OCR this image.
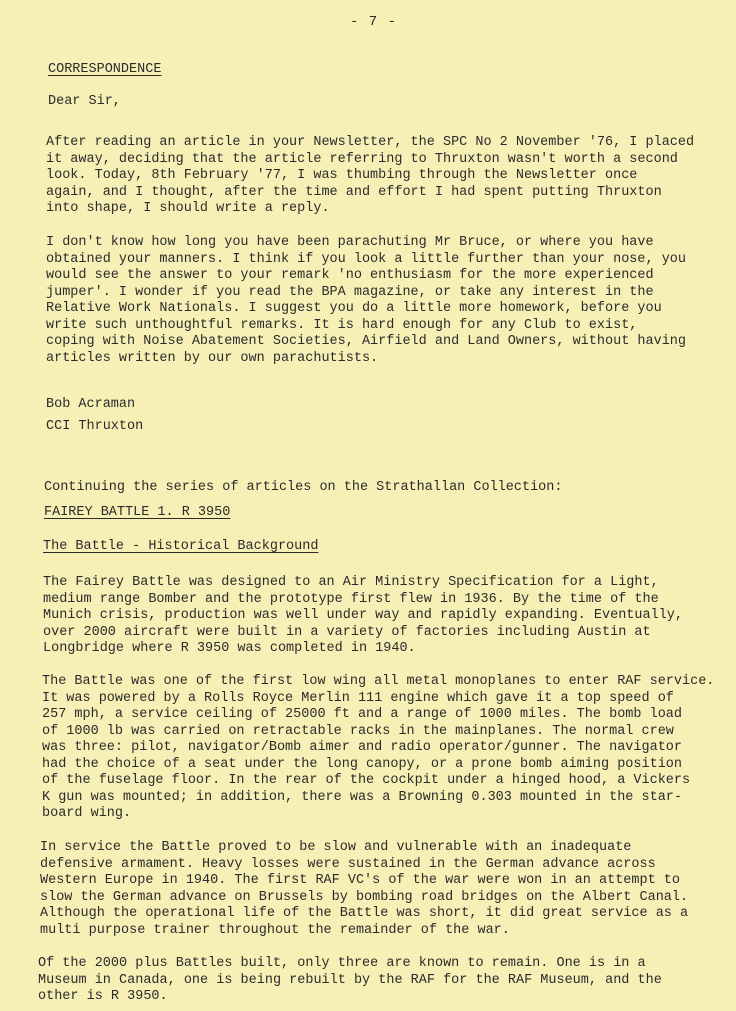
- 7 -
CORRESPONDENCE
Dear Sir,
After reading an article in your Newsletter, the SPC No 2 November '76, I placed
it away, deciding that the article referring to Thruxton wasn't worth a second
look. Today, 8th February '77, I was thumbing through the Newsletter once
again, and I thought, after the time and effort I had spent putting Thruxton
into shape, I should write a reply.
I don't know how long you have been parachuting Mr Bruce, or where you have
obtained your manners. I think if you look a little further than your nose, you
would see the answer to your remark 'no enthusiasm for the more experienced
jumper'. I wonder if you read the BPA magazine, or take any interest in the
Relative Work Nationals. I suggest you do a little more homework, before you
write such unthoughtful remarks. It is hard enough for any Club to exist,
coping with Noise Abatement Societies, Airfield and Land Owners, without having
articles written by our own parachutists.
Bob Acraman
CCI Thruxton
Continuing the series of articles on the Strathallan Collection:
FAIREY BATTLE 1. R 3950
The Battle - Historical Background
The Fairey Battle was designed to an Air Ministry Specification for a Light,
medium range Bomber and the prototype first flew in 1936. By the time of the
Munich crisis, production was well under way and rapidly expanding. Eventually,
over 2000 aircraft were built in a variety of factories including Austin at
Longbridge where R 3950 was completed in 1940.
The Battle was one of the first low wing all metal monoplanes to enter RAF service.
It was powered by a Rolls Royce Merlin 111 engine which gave it a top speed of
257 mph, a service ceiling of 25000 ft and a range of 1000 miles. The bomb load
of 1000 lb was carried on retractable racks in the mainplanes. The normal crew
was three: pilot, navigator/Bomb aimer and radio operator/gunner. The navigator
had the choice of a seat under the long canopy, or a prone bomb aiming position
of the fuselage floor. In the rear of the cockpit under a hinged hood, a Vickers
K gun was mounted; in addition, there was a Browning 0.303 mounted in the star-
board wing.
In service the Battle proved to be slow and vulnerable with an inadequate
defensive armament. Heavy losses were sustained in the German advance across
Western Europe in 1940. The first RAF VC's of the war were won in an attempt to
slow the German advance on Brussels by bombing road bridges on the Albert Canal.
Although the operational life of the Battle was short, it did great service as a
multi purpose trainer throughout the remainder of the war.
Of the 2000 plus Battles built, only three are known to remain. One is in a
Museum in Canada, one is being rebuilt by the RAF for the RAF Museum, and the
other is R 3950.
